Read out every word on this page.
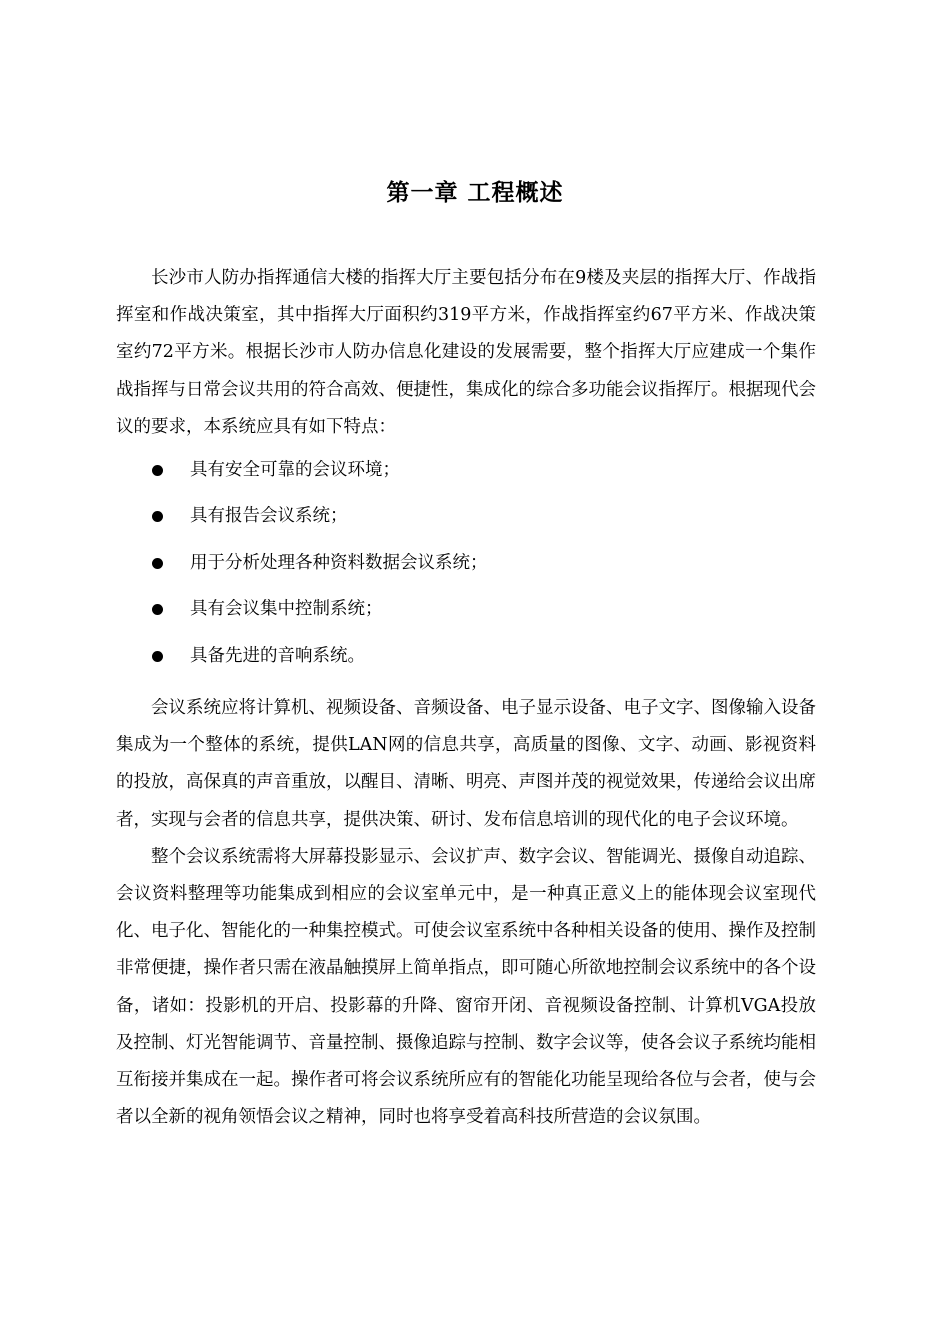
第一章 工程概述

长沙市人防办指挥通信大楼的指挥大厅主要包括分布在9楼及夹层的指挥大厅、作战指挥室和作战决策室，其中指挥大厅面积约319平方米，作战指挥室约67平方米、作战决策室约72平方米。根据长沙市人防办信息化建设的发展需要，整个指挥大厅应建成一个集作战指挥与日常会议共用的符合高效、便捷性，集成化的综合多功能会议指挥厅。根据现代会议的要求，本系统应具有如下特点：

具有安全可靠的会议环境；
具有报告会议系统；
用于分析处理各种资料数据会议系统；
具有会议集中控制系统；
具备先进的音响系统。

会议系统应将计算机、视频设备、音频设备、电子显示设备、电子文字、图像输入设备集成为一个整体的系统，提供LAN网的信息共享，高质量的图像、文字、动画、影视资料的投放，高保真的声音重放，以醒目、清晰、明亮、声图并茂的视觉效果，传递给会议出席者，实现与会者的信息共享，提供决策、研讨、发布信息培训的现代化的电子会议环境。

整个会议系统需将大屏幕投影显示、会议扩声、数字会议、智能调光、摄像自动追踪、会议资料整理等功能集成到相应的会议室单元中，是一种真正意义上的能体现会议室现代化、电子化、智能化的一种集控模式。可使会议室系统中各种相关设备的使用、操作及控制非常便捷，操作者只需在液晶触摸屏上简单指点，即可随心所欲地控制会议系统中的各个设备，诸如：投影机的开启、投影幕的升降、窗帘开闭、音视频设备控制、计算机VGA投放及控制、灯光智能调节、音量控制、摄像追踪与控制、数字会议等，使各会议子系统均能相互衔接并集成在一起。操作者可将会议系统所应有的智能化功能呈现给各位与会者，使与会者以全新的视角领悟会议之精神，同时也将享受着高科技所营造的会议氛围。
